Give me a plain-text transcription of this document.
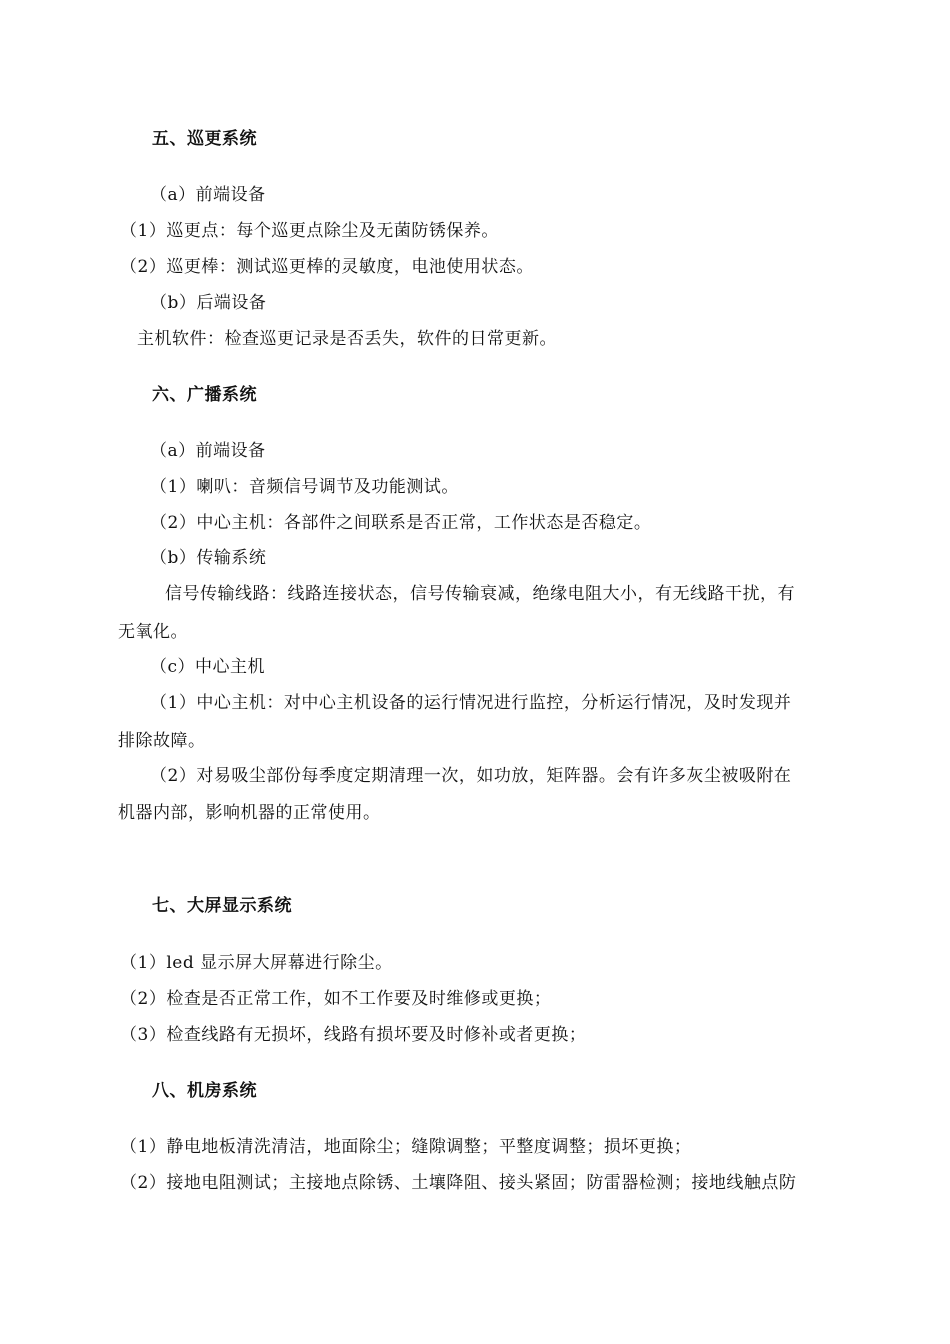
五、巡更系统
（a）前端设备
（1）巡更点：每个巡更点除尘及无菌防锈保养。
（2）巡更棒：测试巡更棒的灵敏度，电池使用状态。
（b）后端设备
主机软件：检查巡更记录是否丢失，软件的日常更新。
六、广播系统
（a）前端设备
（1）喇叭：音频信号调节及功能测试。
（2）中心主机：各部件之间联系是否正常，工作状态是否稳定。
（b）传输系统
信号传输线路：线路连接状态，信号传输衰减，绝缘电阻大小，有无线路干扰，有
无氧化。
（c）中心主机
（1）中心主机：对中心主机设备的运行情况进行监控，分析运行情况，及时发现并
排除故障。
（2）对易吸尘部份每季度定期清理一次，如功放，矩阵器。会有许多灰尘被吸附在
机器内部，影响机器的正常使用。
七、大屏显示系统
（1）led 显示屏大屏幕进行除尘。
（2）检查是否正常工作，如不工作要及时维修或更换；
（3）检查线路有无损坏，线路有损坏要及时修补或者更换；
八、机房系统
（1）静电地板清洗清洁，地面除尘；缝隙调整；平整度调整；损坏更换；
（2）接地电阻测试；主接地点除锈、土壤降阻、接头紧固；防雷器检测；接地线触点防
